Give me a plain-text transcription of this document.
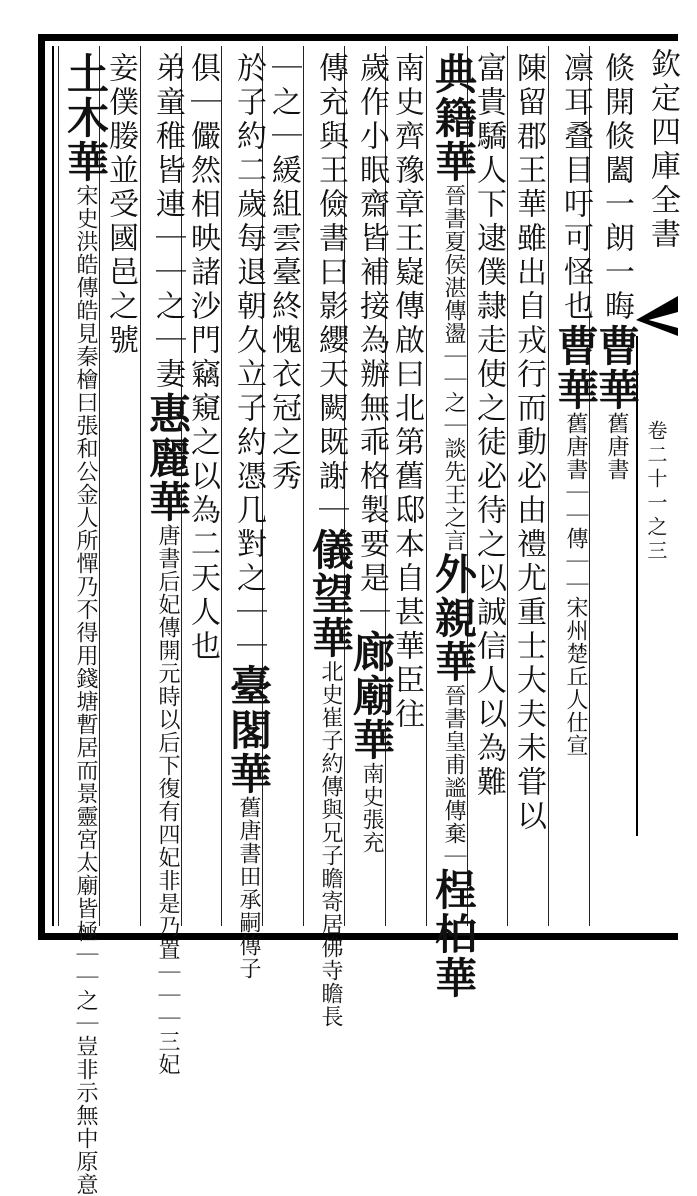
欽定四庫全書
卷二十一之三
倐開倐闔一朗一晦曹華舊唐書
凛耳叠目吁可怪也曹華舊唐書｜｜傳｜｜宋州楚丘人仕宣
陳留郡王華雖出自戎行而動必由禮尤重士大夫未甞以
富貴驕人下逮僕隷走使之徒必待之以誠信人以為難
典籍華晉書夏侯湛傳盪｜｜之｜談先王之言外親華晉書皇甫謐傳棄｜桯柏華
南史齊豫章王嶷傳啟曰北第舊邸本自甚華臣往
歲作小眠齋皆補接為辦無乖格製要是｜廊廟華南史張充
傳充與王儉書曰影纓天闕既謝｜儀望華北史崔子約傳與兄子瞻寄居佛寺瞻長
｜之｜緩組雲臺終愧衣冠之秀
於子約二歲每退朝久立子約憑几對之｜｜臺閣華舊唐書田承嗣傳子
俱｜儼然相映諸沙門竊窺之以為二天人也
弟童稚皆連｜｜之｜妻惠麗華唐書后妃傳開元時以后下復有四妃非是乃置｜｜｜三妃
妾僕媵並受國邑之號
土木華宋史洪皓傳皓見秦檜曰張和公金人所憚乃不得用錢塘暫居而景靈宮太廟皆極｜｜之｜豈非示無中原意
